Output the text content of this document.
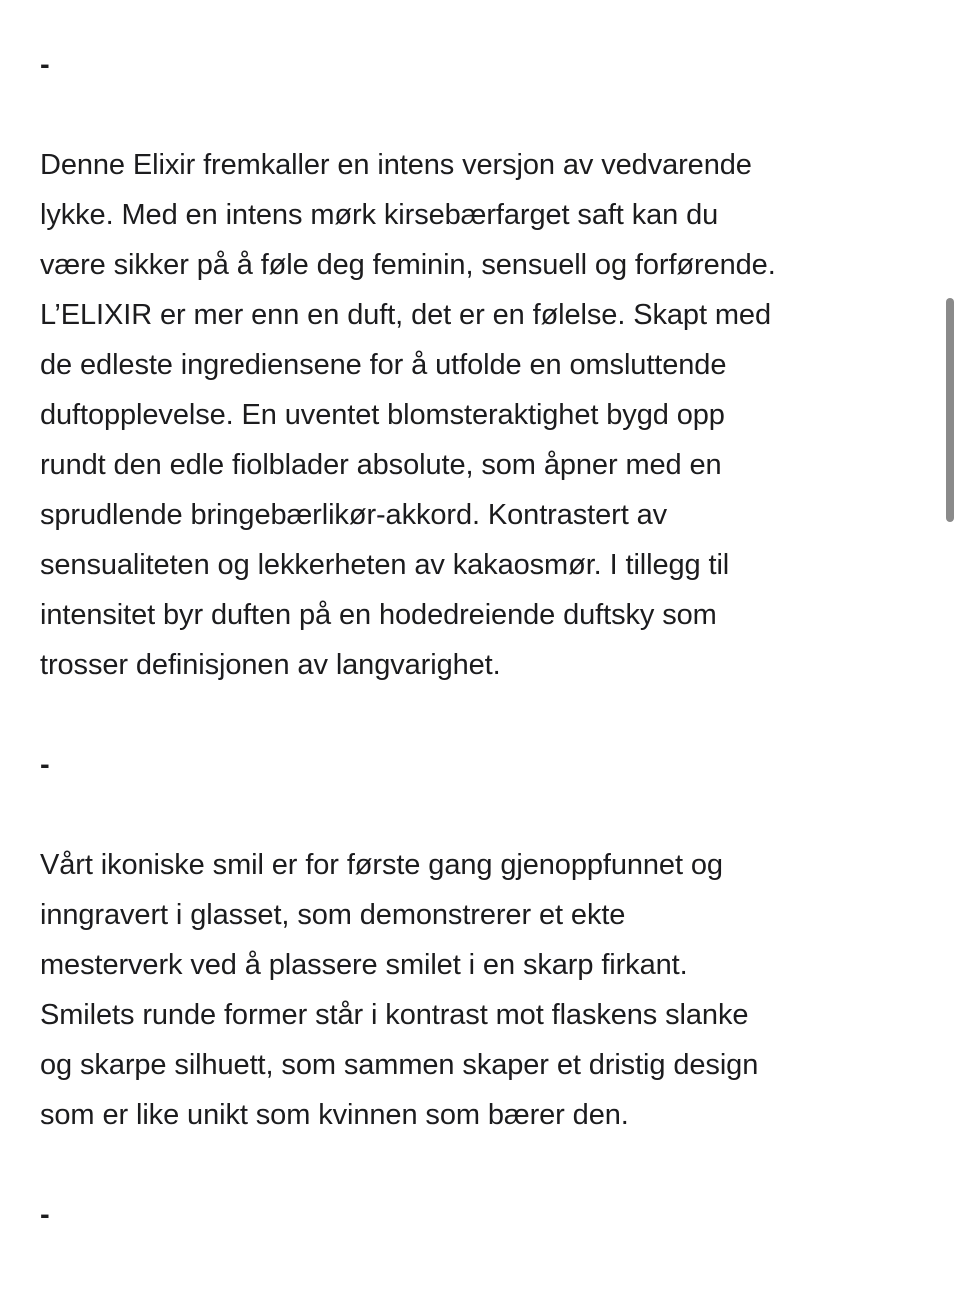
-

Denne Elixir fremkaller en intens versjon av vedvarende

lykke. Med en intens mørk kirsebærfarget saft kan du

være sikker på å føle deg feminin, sensuell og forførende.

L’ELIXIR er mer enn en duft, det er en følelse. Skapt med

de edleste ingrediensene for å utfolde en omsluttende

duftopplevelse. En uventet blomsteraktighet bygd opp

rundt den edle fiolblader absolute, som åpner med en

sprudlende bringebærlikør-akkord. Kontrastert av

sensualiteten og lekkerheten av kakaosmør. I tillegg til

intensitet byr duften på en hodedreiende duftsky som

trosser definisjonen av langvarighet.

-

Vårt ikoniske smil er for første gang gjenoppfunnet og

inngravert i glasset, som demonstrerer et ekte

mesterverk ved å plassere smilet i en skarp firkant.

Smilets runde former står i kontrast mot flaskens slanke

og skarpe silhuett, som sammen skaper et dristig design

som er like unikt som kvinnen som bærer den.

-
